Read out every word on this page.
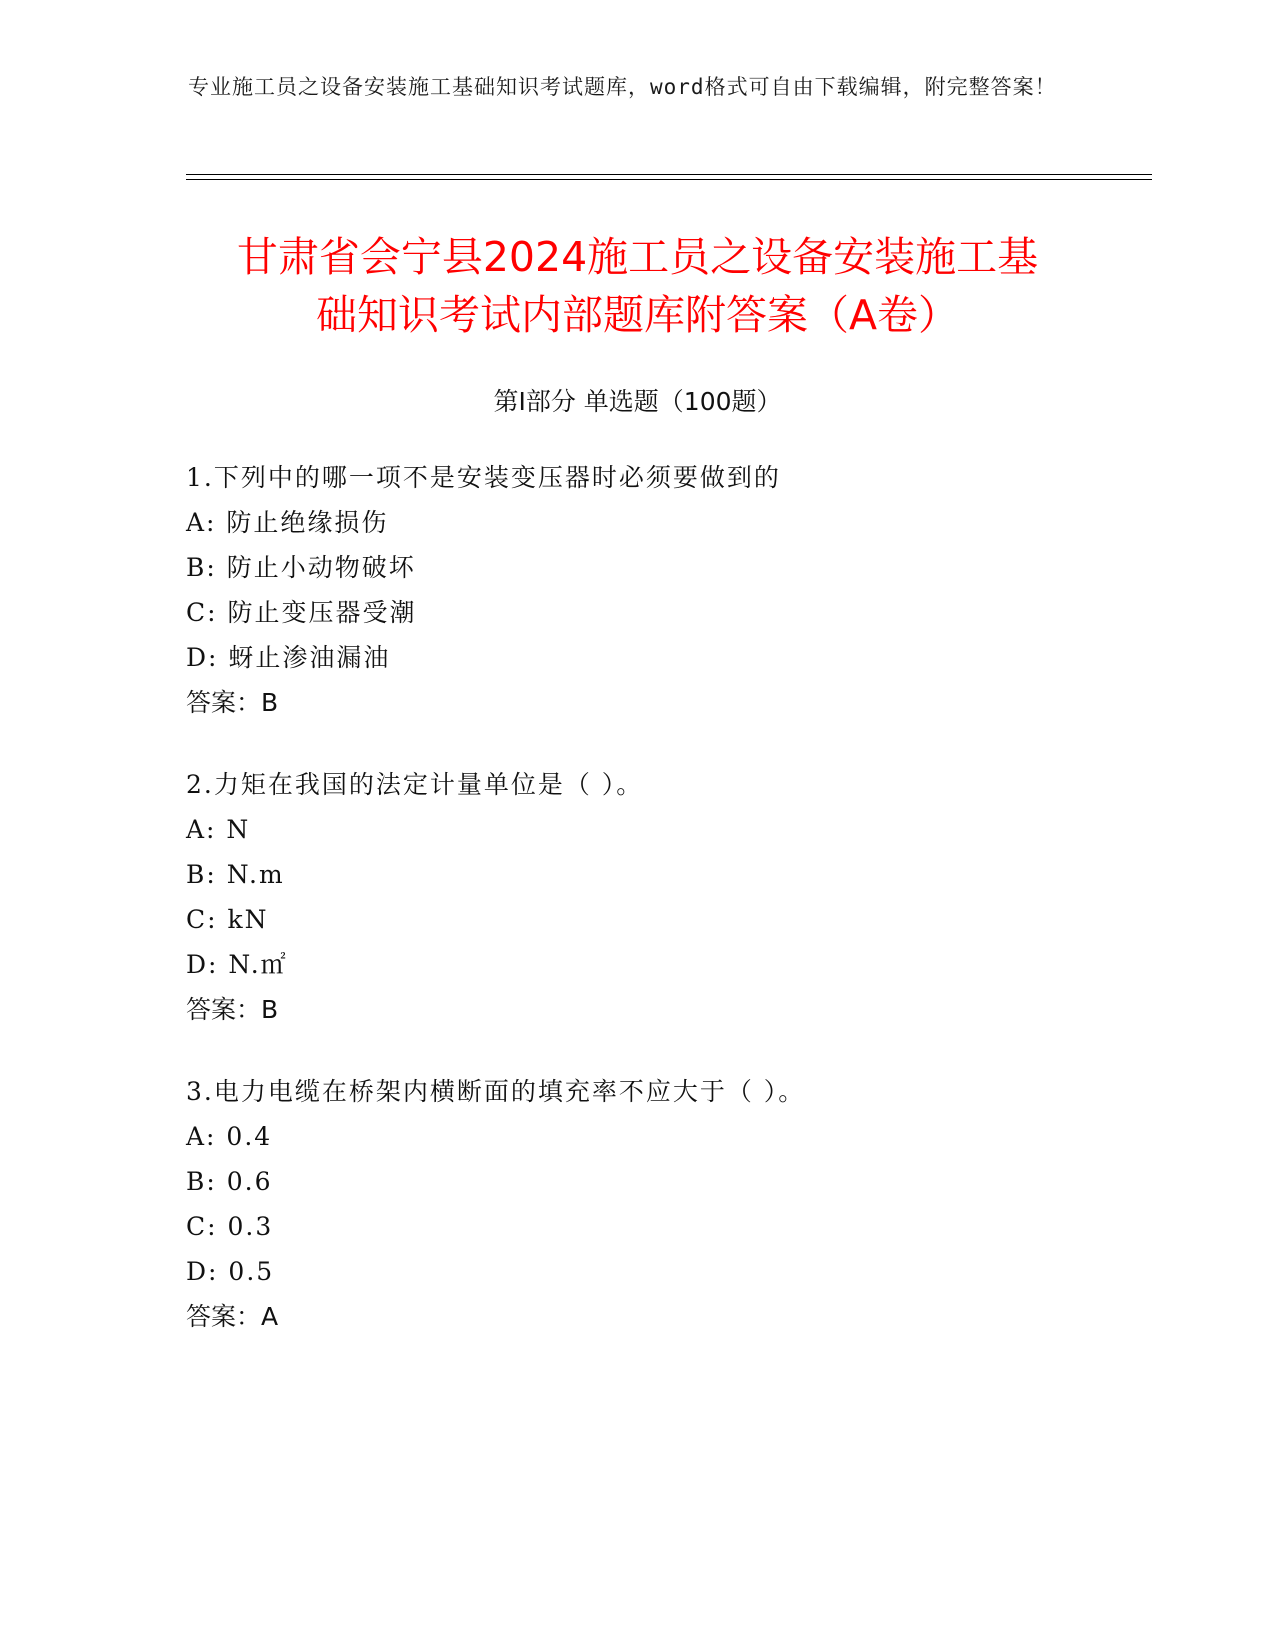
专业施工员之设备安装施工基础知识考试题库，word格式可自由下载编辑，附完整答案！
甘肃省会宁县2024施工员之设备安装施工基
础知识考试内部题库附答案（A卷）
第Ⅰ部分 单选题（100题）
1.下列中的哪一项不是安装变压器时必须要做到的
A: 防止绝缘损伤
B: 防止小动物破坏
C: 防止变压器受潮
D: 蚜止渗油漏油
答案：B
2.力矩在我国的法定计量单位是（ ）。
A: N
B: N.m
C: kN
D: N.㎡
答案：B
3.电力电缆在桥架内横断面的填充率不应大于（ ）。
A: 0.4
B: 0.6
C: 0.3
D: 0.5
答案：A
